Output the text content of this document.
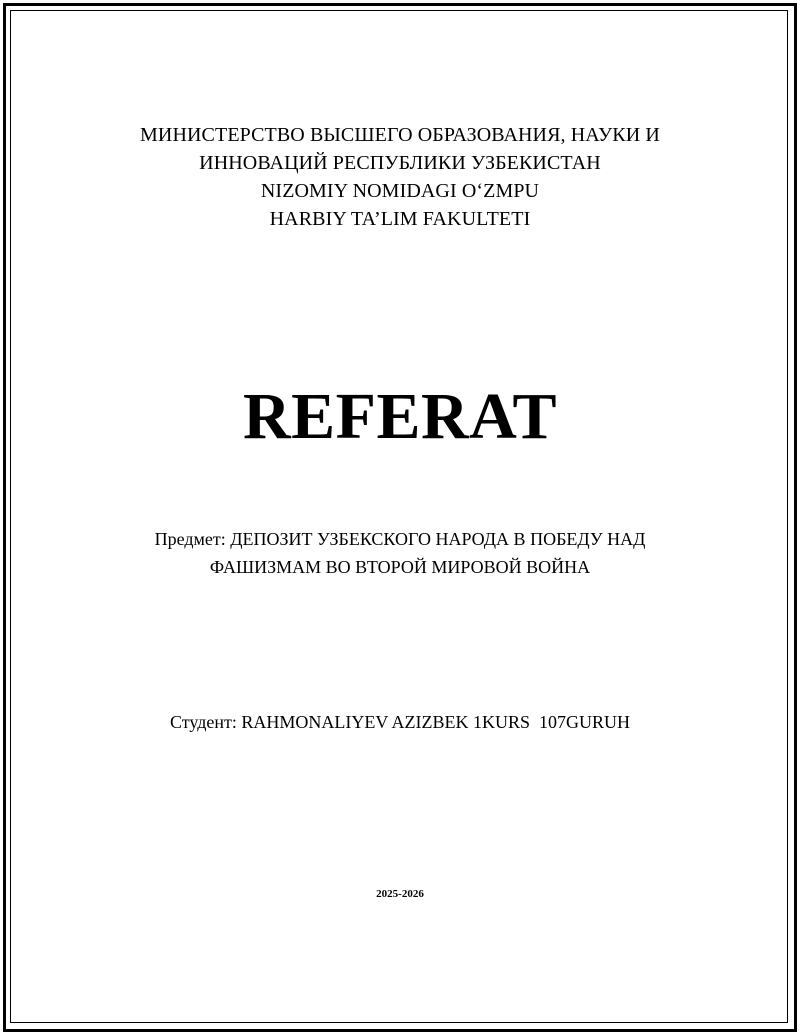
МИНИСТЕРСТВО ВЫСШЕГО ОБРАЗОВАНИЯ, НАУКИ И
ИННОВАЦИЙ РЕСПУБЛИКИ УЗБЕКИСТАН
NIZOMIY NOMIDAGI O‘ZMPU
HARBIY TA’LIM FAKULTETI
REFERAT
Предмет: ДЕПОЗИТ УЗБЕКСКОГО НАРОДА В ПОБЕДУ НАД
ФАШИЗМАМ ВО ВТОРОЙ МИРОВОЙ ВОЙНА
Студент: RAHMONALIYEV AZIZBEK 1KURS  107GURUH
2025-2026
